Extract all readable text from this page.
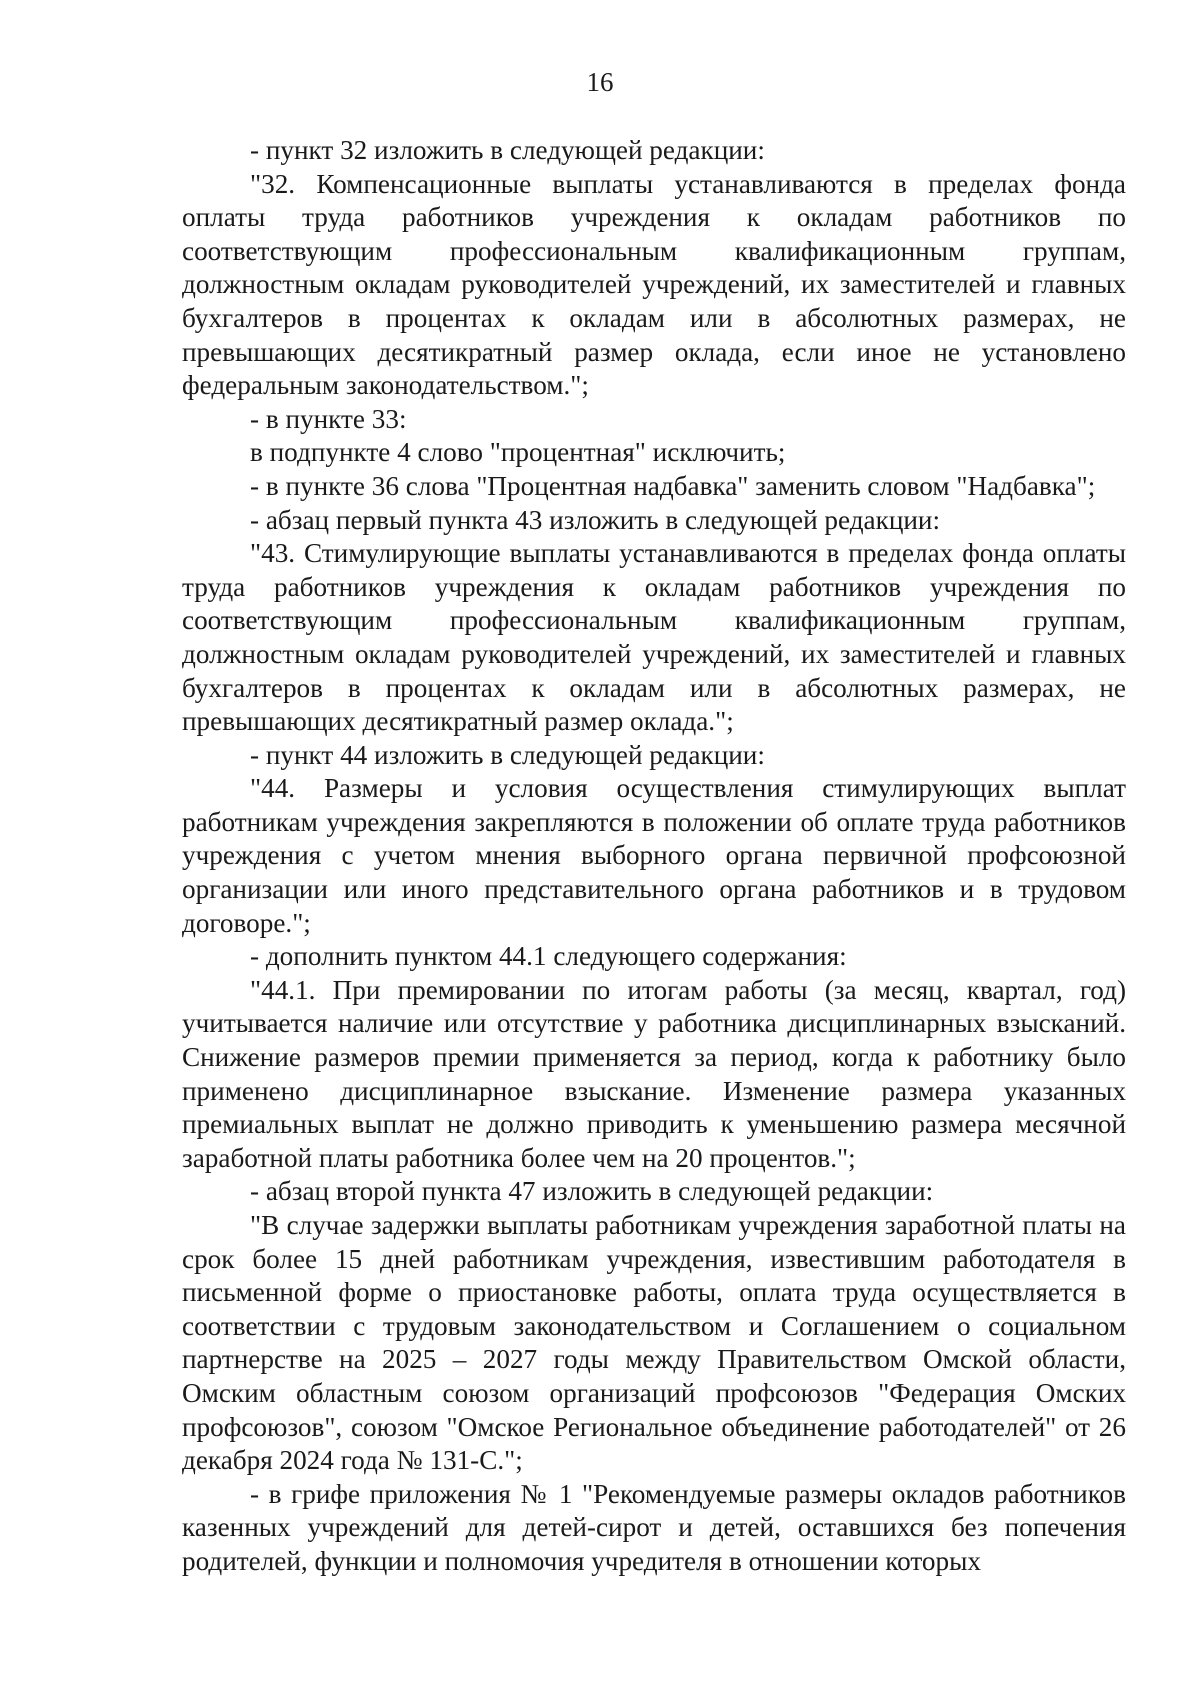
16

- пункт 32 изложить в следующей редакции:

"32. Компенсационные выплаты устанавливаются в пределах фонда оплаты труда работников учреждения к окладам работников по соответствующим профессиональным квалификационным группам, должностным окладам руководителей учреждений, их заместителей и главных бухгалтеров в процентах к окладам или в абсолютных размерах, не превышающих десятикратный размер оклада, если иное не установлено федеральным законодательством.";

- в пункте 33:

в подпункте 4 слово "процентная" исключить;

- в пункте 36 слова "Процентная надбавка" заменить словом "Надбавка";

- абзац первый пункта 43 изложить в следующей редакции:

"43. Стимулирующие выплаты устанавливаются в пределах фонда оплаты труда работников учреждения к окладам работников учреждения по соответствующим профессиональным квалификационным группам, должностным окладам руководителей учреждений, их заместителей и главных бухгалтеров в процентах к окладам или в абсолютных размерах, не превышающих десятикратный размер оклада.";

- пункт 44 изложить в следующей редакции:

"44. Размеры и условия осуществления стимулирующих выплат работникам учреждения закрепляются в положении об оплате труда работников учреждения с учетом мнения выборного органа первичной профсоюзной организации или иного представительного органа работников и в трудовом договоре.";

- дополнить пунктом 44.1 следующего содержания:

"44.1. При премировании по итогам работы (за месяц, квартал, год) учитывается наличие или отсутствие у работника дисциплинарных взысканий. Снижение размеров премии применяется за период, когда к работнику было применено дисциплинарное взыскание. Изменение размера указанных премиальных выплат не должно приводить к уменьшению размера месячной заработной платы работника более чем на 20 процентов.";

- абзац второй пункта 47 изложить в следующей редакции:

"В случае задержки выплаты работникам учреждения заработной платы на срок более 15 дней работникам учреждения, известившим работодателя в письменной форме о приостановке работы, оплата труда осуществляется в соответствии с трудовым законодательством и Соглашением о социальном партнерстве на 2025 – 2027 годы между Правительством Омской области, Омским областным союзом организаций профсоюзов "Федерация Омских профсоюзов", союзом "Омское Региональное объединение работодателей" от 26 декабря 2024 года № 131-С.";

- в грифе приложения № 1 "Рекомендуемые размеры окладов работников казенных учреждений для детей-сирот и детей, оставшихся без попечения родителей, функции и полномочия учредителя в отношении которых
